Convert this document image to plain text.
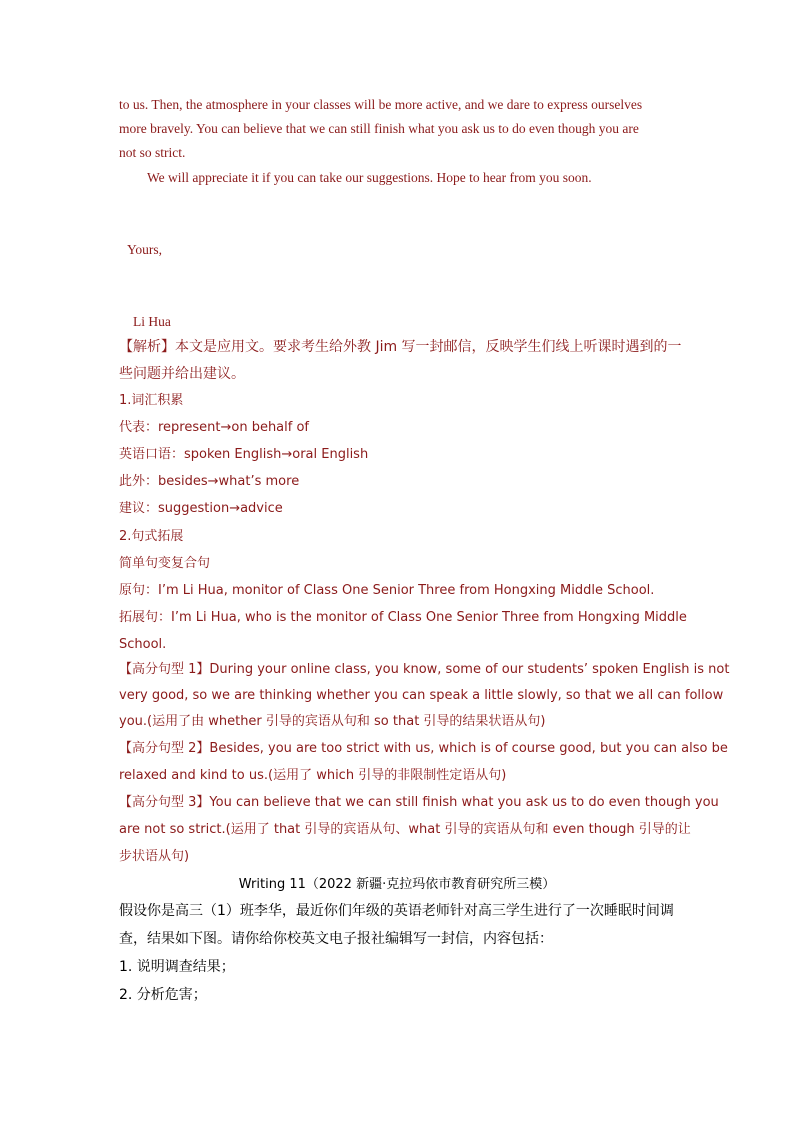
to us. Then, the atmosphere in your classes will be more active, and we dare to express ourselves
more bravely. You can believe that we can still finish what you ask us to do even though you are
not so strict.
We will appreciate it if you can take our suggestions. Hope to hear from you soon.
Yours,
Li Hua
【解析】本文是应用文。要求考生给外教 Jim 写一封邮信，反映学生们线上听课时遇到的一
些问题并给出建议。
1.词汇积累
代表：represent→on behalf of
英语口语：spoken English→oral English
此外：besides→what’s more
建议：suggestion→advice
2.句式拓展
简单句变复合句
原句：I’m Li Hua, monitor of Class One Senior Three from Hongxing Middle School.
拓展句：I’m Li Hua, who is the monitor of Class One Senior Three from Hongxing Middle
School.
【高分句型 1】During your online class, you know, some of our students’ spoken English is not
very good, so we are thinking whether you can speak a little slowly, so that we all can follow
you.(运用了由 whether 引导的宾语从句和 so that 引导的结果状语从句)
【高分句型 2】Besides, you are too strict with us, which is of course good, but you can also be
relaxed and kind to us.(运用了 which 引导的非限制性定语从句)
【高分句型 3】You can believe that we can still finish what you ask us to do even though you
are not so strict.(运用了 that 引导的宾语从句、what 引导的宾语从句和 even though 引导的让
步状语从句)
Writing 11（2022 新疆·克拉玛依市教育研究所三模）
假设你是高三（1）班李华，最近你们年级的英语老师针对高三学生进行了一次睡眠时间调
查，结果如下图。请你给你校英文电子报社编辑写一封信，内容包括：
1. 说明调查结果；
2. 分析危害；
